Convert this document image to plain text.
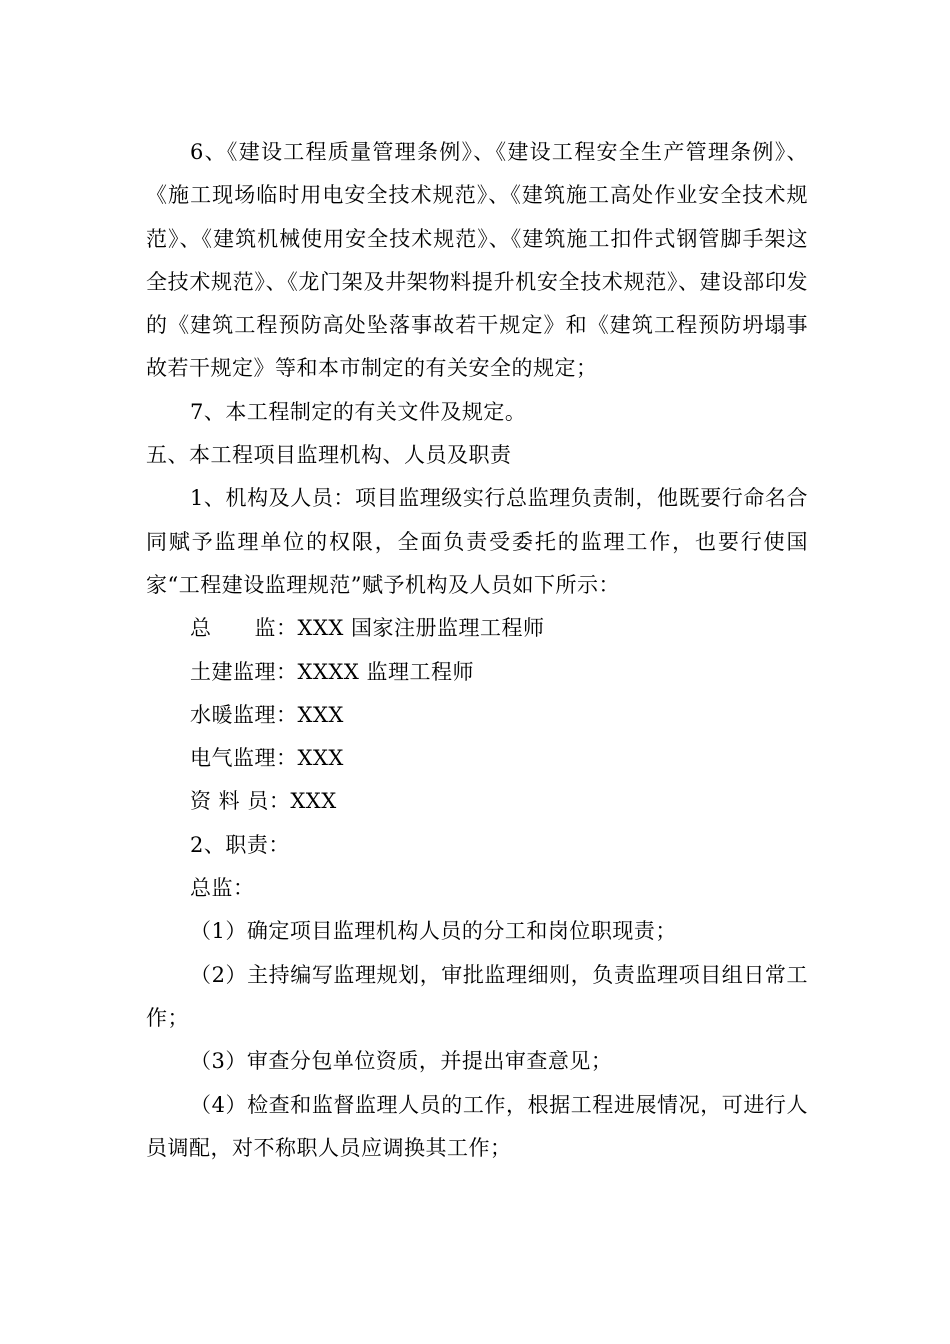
6、《建设工程质量管理条例》、《建设工程安全生产管理条例》、《施工现场临时用电安全技术规范》、《建筑施工高处作业安全技术规范》、《建筑机械使用安全技术规范》、《建筑施工扣件式钢管脚手架这全技术规范》、《龙门架及井架物料提升机安全技术规范》、建设部印发的《建筑工程预防高处坠落事故若干规定》和《建筑工程预防坍塌事故若干规定》等和本市制定的有关安全的规定；

7、本工程制定的有关文件及规定。

五、本工程项目监理机构、人员及职责

1、机构及人员：项目监理级实行总监理负责制，他既要行命名合同赋予监理单位的权限，全面负责受委托的监理工作，也要行使国家“工程建设监理规范”赋予机构及人员如下所示：

总　　监：XXX 国家注册监理工程师

土建监理：XXXX 监理工程师

水暖监理：XXX

电气监理：XXX

资 料 员：XXX

2、职责：

总监：

（1）确定项目监理机构人员的分工和岗位职现责；

（2）主持编写监理规划，审批监理细则，负责监理项目组日常工作；

（3）审查分包单位资质，并提出审查意见；

（4）检查和监督监理人员的工作，根据工程进展情况，可进行人员调配，对不称职人员应调换其工作；
